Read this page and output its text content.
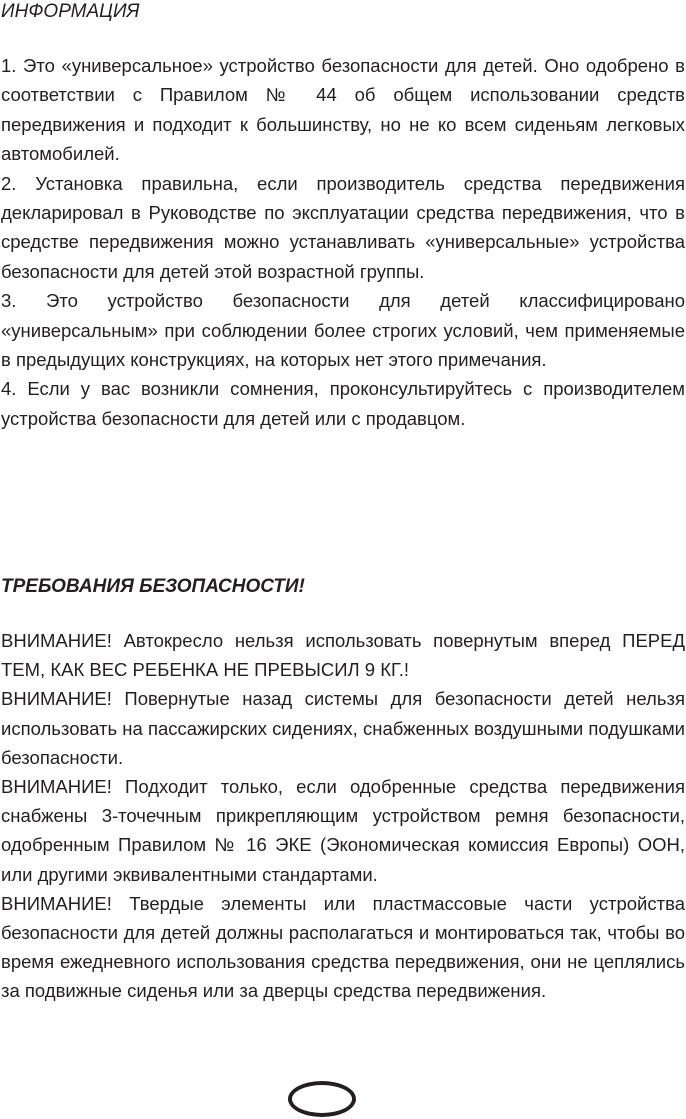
ИНФОРМАЦИЯ

1. Это «универсальное» устройство безопасности для детей. Оно одобрено в соответствии с Правилом № 44 об общем использовании средств передвижения и подходит к большинству, но не ко всем сиденьям легковых автомобилей.

2. Установка правильна, если производитель средства передвижения декларировал в Руководстве по эксплуатации средства передвижения, что в средстве передвижения можно устанавливать «универсальные» устройства безопасности для детей этой возрастной группы.

3. Это устройство безопасности для детей классифицировано «универсальным» при соблюдении более строгих условий, чем применяемые в предыдущих конструкциях, на которых нет этого примечания.

4. Если у вас возникли сомнения, проконсультируйтесь с производителем устройства безопасности для детей или с продавцом.

ТРЕБОВАНИЯ БЕЗОПАСНОСТИ!

ВНИМАНИЕ! Автокресло нельзя использовать повернутым вперед ПЕРЕД ТЕМ, КАК ВЕС РЕБЕНКА НЕ ПРЕВЫСИЛ 9 КГ.!

ВНИМАНИЕ! Повернутые назад системы для безопасности детей нельзя использовать на пассажирских сидениях, снабженных воздушными подушками безопасности.

ВНИМАНИЕ! Подходит только, если одобренные средства передвижения снабжены 3-точечным прикрепляющим устройством ремня безопасности, одобренным Правилом № 16 ЭКЕ (Экономическая комиссия Европы) ООН, или другими эквивалентными стандартами.

ВНИМАНИЕ! Твердые элементы или пластмассовые части устройства безопасности для детей должны располагаться и монтироваться так, чтобы во время ежедневного использования средства передвижения, они не цеплялись за подвижные сиденья или за дверцы средства передвижения.
